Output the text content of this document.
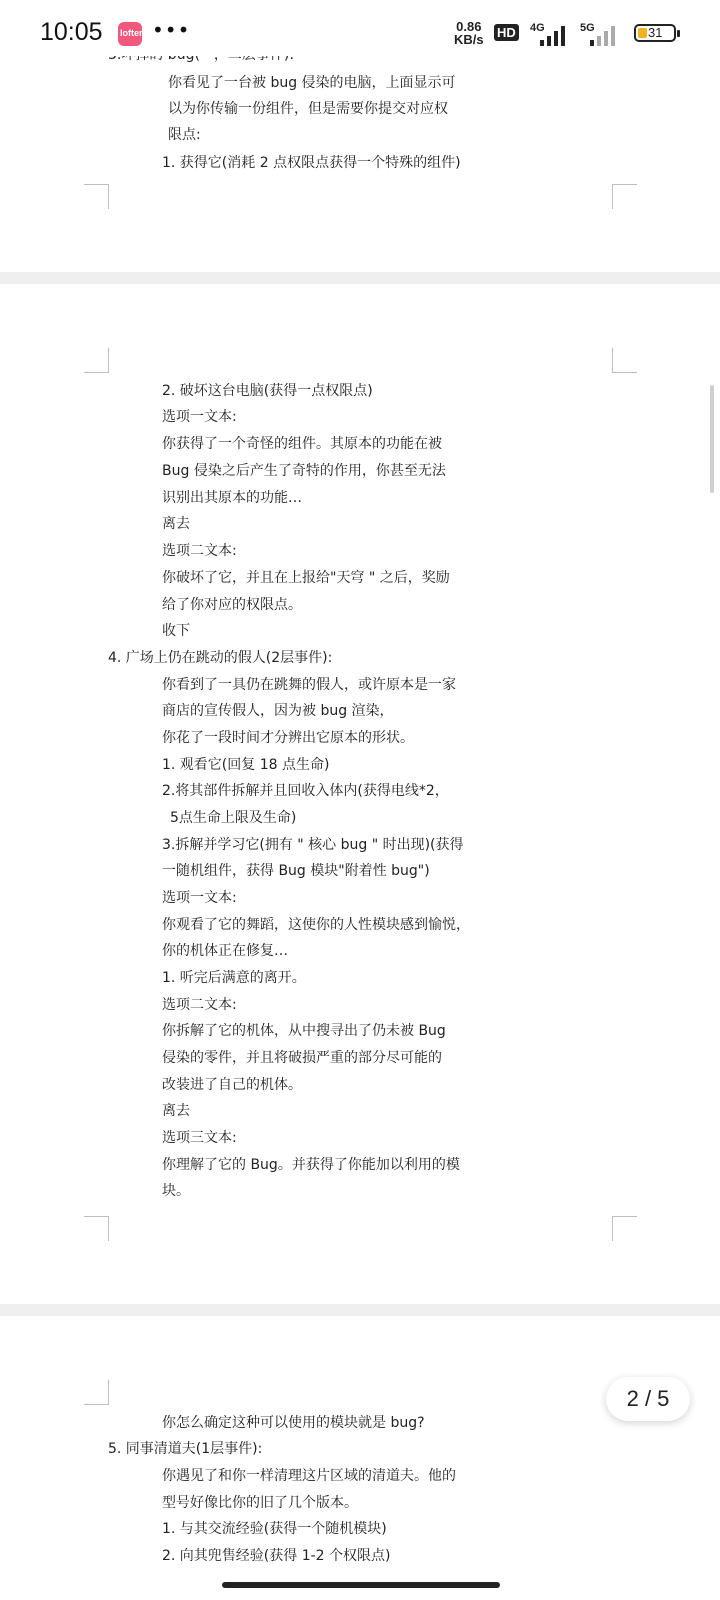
你看见了一台被 bug 侵染的电脑，上面显示可
以为你传输一份组件，但是需要你提交对应权
限点:
1. 获得它(消耗 2 点权限点获得一个特殊的组件)
2. 破坏这台电脑(获得一点权限点)
选项一文本:
你获得了一个奇怪的组件。其原本的功能在被
Bug 侵染之后产生了奇特的作用，你甚至无法
识别出其原本的功能…
离去
选项二文本:
你破坏了它，并且在上报给"天穹 " 之后，奖励
给了你对应的权限点。
收下
4. 广场上仍在跳动的假人(2层事件):
你看到了一具仍在跳舞的假人，或许原本是一家
商店的宣传假人，因为被 bug 渲染，
你花了一段时间才分辨出它原本的形状。
1. 观看它(回复 18 点生命)
2.将其部件拆解并且回收入体内(获得电线*2，
5点生命上限及生命)
3.拆解并学习它(拥有 " 核心 bug " 时出现)(获得
一随机组件，获得 Bug 模块"附着性 bug")
选项一文本:
你观看了它的舞蹈，这使你的人性模块感到愉悦，
你的机体正在修复…
1. 听完后满意的离开。
选项二文本:
你拆解了它的机体，从中搜寻出了仍未被 Bug
侵染的零件，并且将破损严重的部分尽可能的
改装进了自己的机体。
离去
选项三文本:
你理解了它的 Bug。并获得了你能加以利用的模
块。
你怎么确定这种可以使用的模块就是 bug?
5. 同事清道夫(1层事件):
你遇见了和你一样清理这片区域的清道夫。他的
型号好像比你的旧了几个版本。
1. 与其交流经验(获得一个随机模块)
2. 向其兜售经验(获得 1-2 个权限点)
10:05 lofter •••	0.86
KB/s HD 4G	5G	31
2 / 5
